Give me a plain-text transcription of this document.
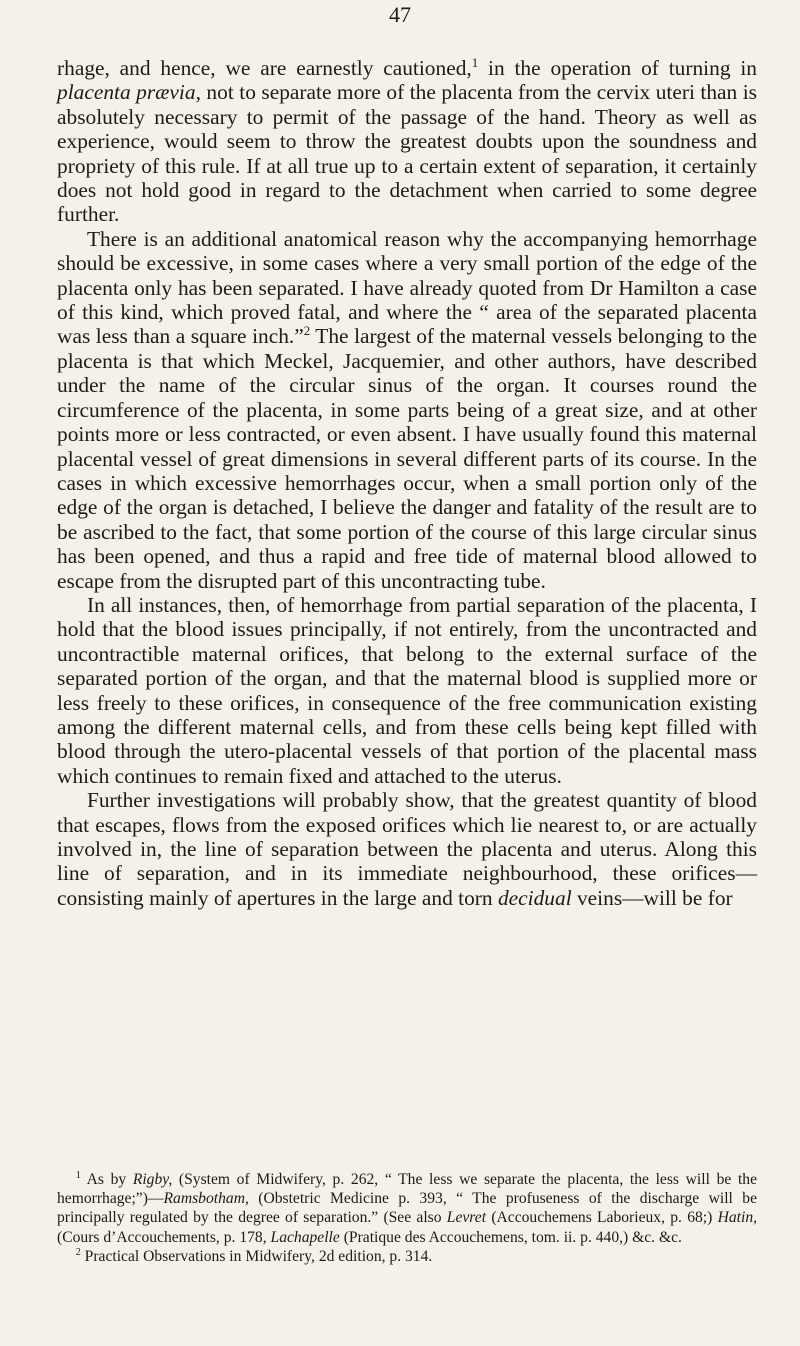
47

rhage, and hence, we are earnestly cautioned,$^1$ in the operation of turning in placenta prævia, not to separate more of the placenta from the cervix uteri than is absolutely necessary to permit of the passage of the hand. Theory as well as experience, would seem to throw the greatest doubts upon the soundness and propriety of this rule. If at all true up to a certain extent of separation, it certainly does not hold good in regard to the detachment when carried to some degree further.

There is an additional anatomical reason why the accompanying hemorrhage should be excessive, in some cases where a very small portion of the edge of the placenta only has been separated. I have already quoted from Dr Hamilton a case of this kind, which proved fatal, and where the “ area of the separated placenta was less than a square inch.”$^2$ The largest of the maternal vessels belonging to the placenta is that which Meckel, Jacquemier, and other authors, have described under the name of the circular sinus of the organ. It courses round the circumference of the placenta, in some parts being of a great size, and at other points more or less contracted, or even absent. I have usually found this maternal placental vessel of great dimensions in several different parts of its course. In the cases in which excessive hemorrhages occur, when a small portion only of the edge of the organ is detached, I believe the danger and fatality of the result are to be ascribed to the fact, that some portion of the course of this large circular sinus has been opened, and thus a rapid and free tide of maternal blood allowed to escape from the disrupted part of this uncontracting tube.

In all instances, then, of hemorrhage from partial separation of the placenta, I hold that the blood issues principally, if not entirely, from the uncontracted and uncontractible maternal orifices, that belong to the external surface of the separated portion of the organ, and that the maternal blood is supplied more or less freely to these orifices, in consequence of the free communication existing among the different maternal cells, and from these cells being kept filled with blood through the utero-placental vessels of that portion of the placental mass which continues to remain fixed and attached to the uterus.

Further investigations will probably show, that the greatest quantity of blood that escapes, flows from the exposed orifices which lie nearest to, or are actually involved in, the line of separation between the placenta and uterus. Along this line of separation, and in its immediate neighbourhood, these orifices—consisting mainly of apertures in the large and torn decidual veins—will be for

$^1$ As by Rigby, (System of Midwifery, p. 262, “ The less we separate the placenta, the less will be the hemorrhage;”)—Ramsbotham, (Obstetric Medicine p. 393, “ The profuseness of the discharge will be principally regulated by the degree of separation.” (See also Levret (Accouchemens Laborieux, p. 68;) Hatin, (Cours d’Accouchements, p. 178, Lachapelle (Pratique des Accouchemens, tom. ii. p. 440,) &c. &c.

$^2$ Practical Observations in Midwifery, 2d edition, p. 314.
